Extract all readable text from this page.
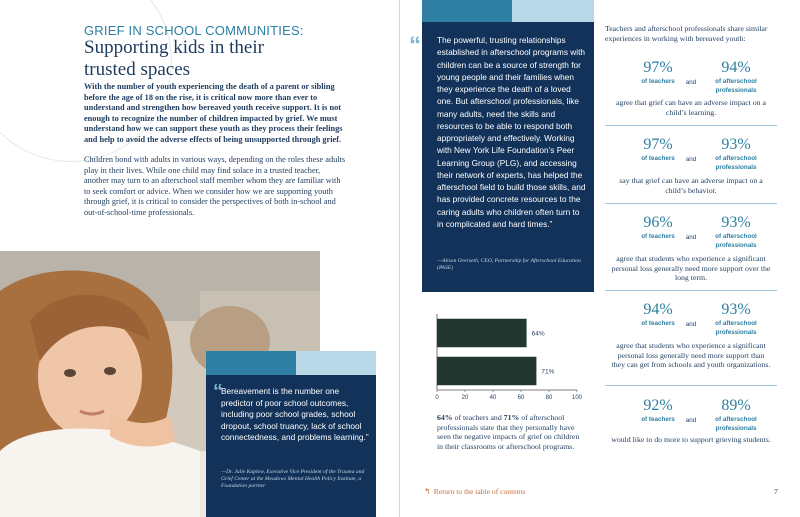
GRIEF IN SCHOOL COMMUNITIES:
Supporting kids in their
trusted spaces
With the number of youth experiencing the death of a parent or sibling before the age of 18 on the rise, it is critical now more than ever to understand and strengthen how bereaved youth receive support. It is not enough to recognize the number of children impacted by grief. We must understand how we can support these youth as they process their feelings and help to avoid the adverse effects of being unsupported through grief.
Children bond with adults in various ways, depending on the roles these adults play in their lives. While one child may find solace in a trusted teacher, another may turn to an afterschool staff member whom they are familiar with to seek comfort or advice. When we consider how we are supporting youth through grief, it is critical to consider the perspectives of both in-school and out-of-school-time professionals.
“
Bereavement is the number one predictor of poor school outcomes, including poor school grades, school dropout, school truancy, lack of school connectedness, and problems learning.”
—Dr. Julie Kaplow, Executive Vice President of the Trauma and Grief Center at the Meadows Mental Health Policy Institute, a Foundation partner
“ The powerful, trusting relationships established in afterschool programs with children can be a source of strength for young people and their families when they experience the death of a loved one. But afterschool professionals, like many adults, need the skills and resources to be able to respond both appropriately and effectively. Working with New York Life Foundation’s Peer Learning Group (PLG), and accessing their network of experts, has helped the afterschool field to build those skills, and has provided concrete resources to the caring adults who children often turn to in complicated and hard times.”
—Alison Overseth, CEO, Partnership for Afterschool Education (PASE)
64%
71%
0	20	40	60	80	100
64% of teachers and 71% of afterschool professionals state that they personally have seen the negative impacts of grief on children in their classrooms or afterschool programs.
↰ Return to the table of contents
Teachers and afterschool professionals share similar experiences in working with bereaved youth:
97%
of teachers	and
94%
of afterschool
professionals
agree that grief can have an adverse impact on a child’s learning.
97%
of teachers	and
93%
of afterschool
professionals
say that grief can have an adverse impact on a child’s behavior.
96%
of teachers	and
93%
of afterschool
professionals
agree that students who experience a significant personal loss generally need more support over the long term.
94%
of teachers	and
93%
of afterschool
professionals
agree that students who experience a significant personal loss generally need more support than they can get from schools and youth organizations.
92%
of teachers	and
89%
of afterschool
professionals
would like to do more to support grieving students.
7
